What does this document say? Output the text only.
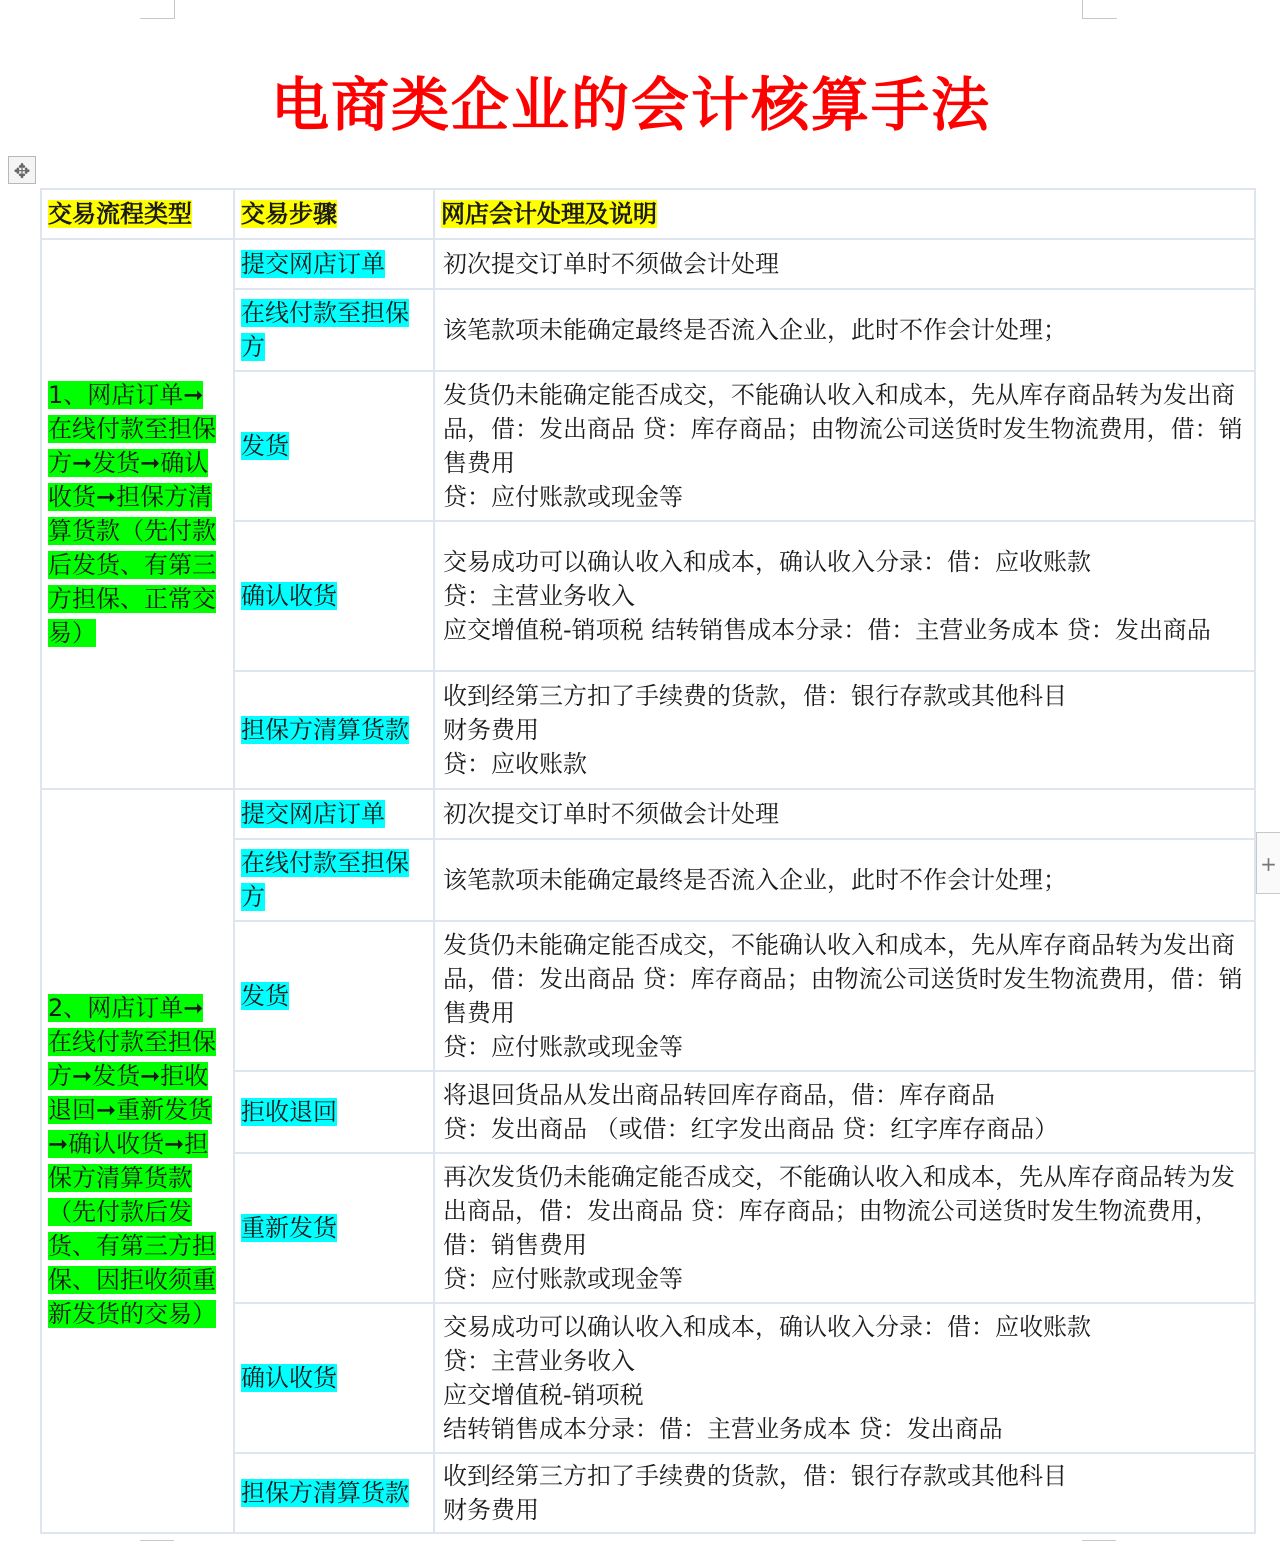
电商类企业的会计核算手法
✥
+
交易流程类型	交易步骤	网店会计处理及说明
1、网店订单➞在线付款至担保方➞发货➞确认收货➞担保方清算货款（先付款后发货、有第三方担保、正常交易）	提交网店订单	初次提交订单时不须做会计处理

	在线付款至担保方	该笔款项未能确定最终是否流入企业，此时不作会计处理；

	发货	发货仍未能确定能否成交，不能确认收入和成本，先从库存商品转为发出商品，借：发出商品 贷：库存商品；由物流公司送货时发生物流费用，借：销售费用
贷：应付账款或现金等

	确认收货	交易成功可以确认收入和成本，确认收入分录：借：应收账款
贷：主营业务收入
应交增值税-销项税 结转销售成本分录：借：主营业务成本 贷：发出商品

	担保方清算货款	收到经第三方扣了手续费的货款，借：银行存款或其他科目
财务费用
贷：应收账款

2、网店订单➞在线付款至担保方➞发货➞拒收退回➞重新发货➞确认收货➞担保方清算货款（先付款后发货、有第三方担保、因拒收须重新发货的交易）	提交网店订单	初次提交订单时不须做会计处理

	在线付款至担保方	该笔款项未能确定最终是否流入企业，此时不作会计处理；

	发货	发货仍未能确定能否成交，不能确认收入和成本，先从库存商品转为发出商品，借：发出商品 贷：库存商品；由物流公司送货时发生物流费用，借：销售费用
贷：应付账款或现金等

	拒收退回	将退回货品从发出商品转回库存商品，借：库存商品
贷：发出商品 （或借：红字发出商品 贷：红字库存商品）

	重新发货	再次发货仍未能确定能否成交，不能确认收入和成本，先从库存商品转为发出商品，借：发出商品 贷：库存商品；由物流公司送货时发生物流费用，借：销售费用
贷：应付账款或现金等

	确认收货	交易成功可以确认收入和成本，确认收入分录：借：应收账款
贷：主营业务收入
应交增值税-销项税
结转销售成本分录：借：主营业务成本 贷：发出商品

	担保方清算货款	收到经第三方扣了手续费的货款，借：银行存款或其他科目
财务费用
